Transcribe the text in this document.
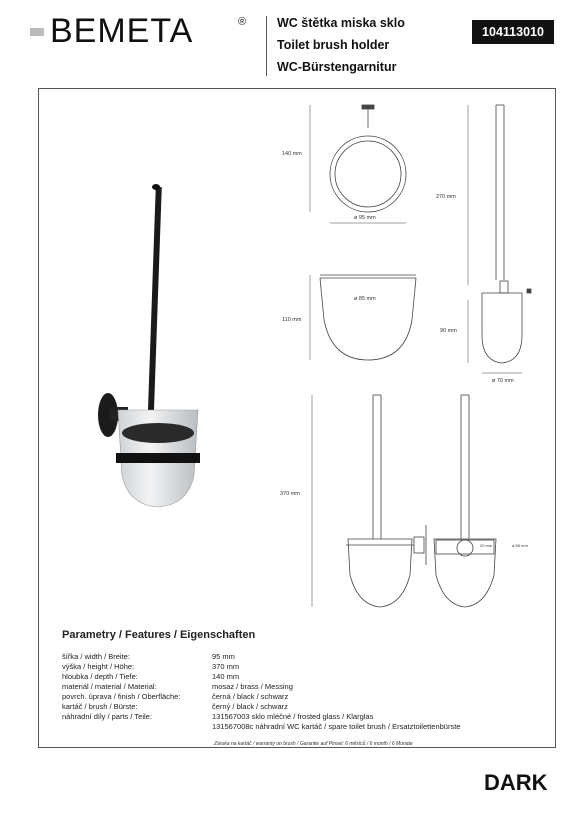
BEMETA	® WC štětka miska sklo
Toilet brush holder
WC-Bürstengarnitur
104113010
140 mm
ø 95 mm
110 mm
ø 85 mm
270 mm
90 mm
ø 70 mm
370 mm
20 mm	ø 55 mm
Parametry / Features / Eigenschaften
šířka / width / Breite:	95 mm
výška / height / Höhe:	370 mm
hloubka / depth / Tiefe:	140 mm
materiál / material / Material:	mosaz / brass / Messing
povrch. úprava / finish / Oberfläche:	černá / black / schwarz
kartáč / brush / Bürste:	černý / black / schwarz
náhradní díly / parts / Teile:	131567003 sklo mléčné / frosted glass / Klarglas
	131567008c náhradní WC kartáč / spare toilet brush / Ersatztoilettenbürste
Záruka na kartáč / warranty on brush / Garantie auf Pinsel: 6 měsíců / 6 month / 6 Monate
DARK
